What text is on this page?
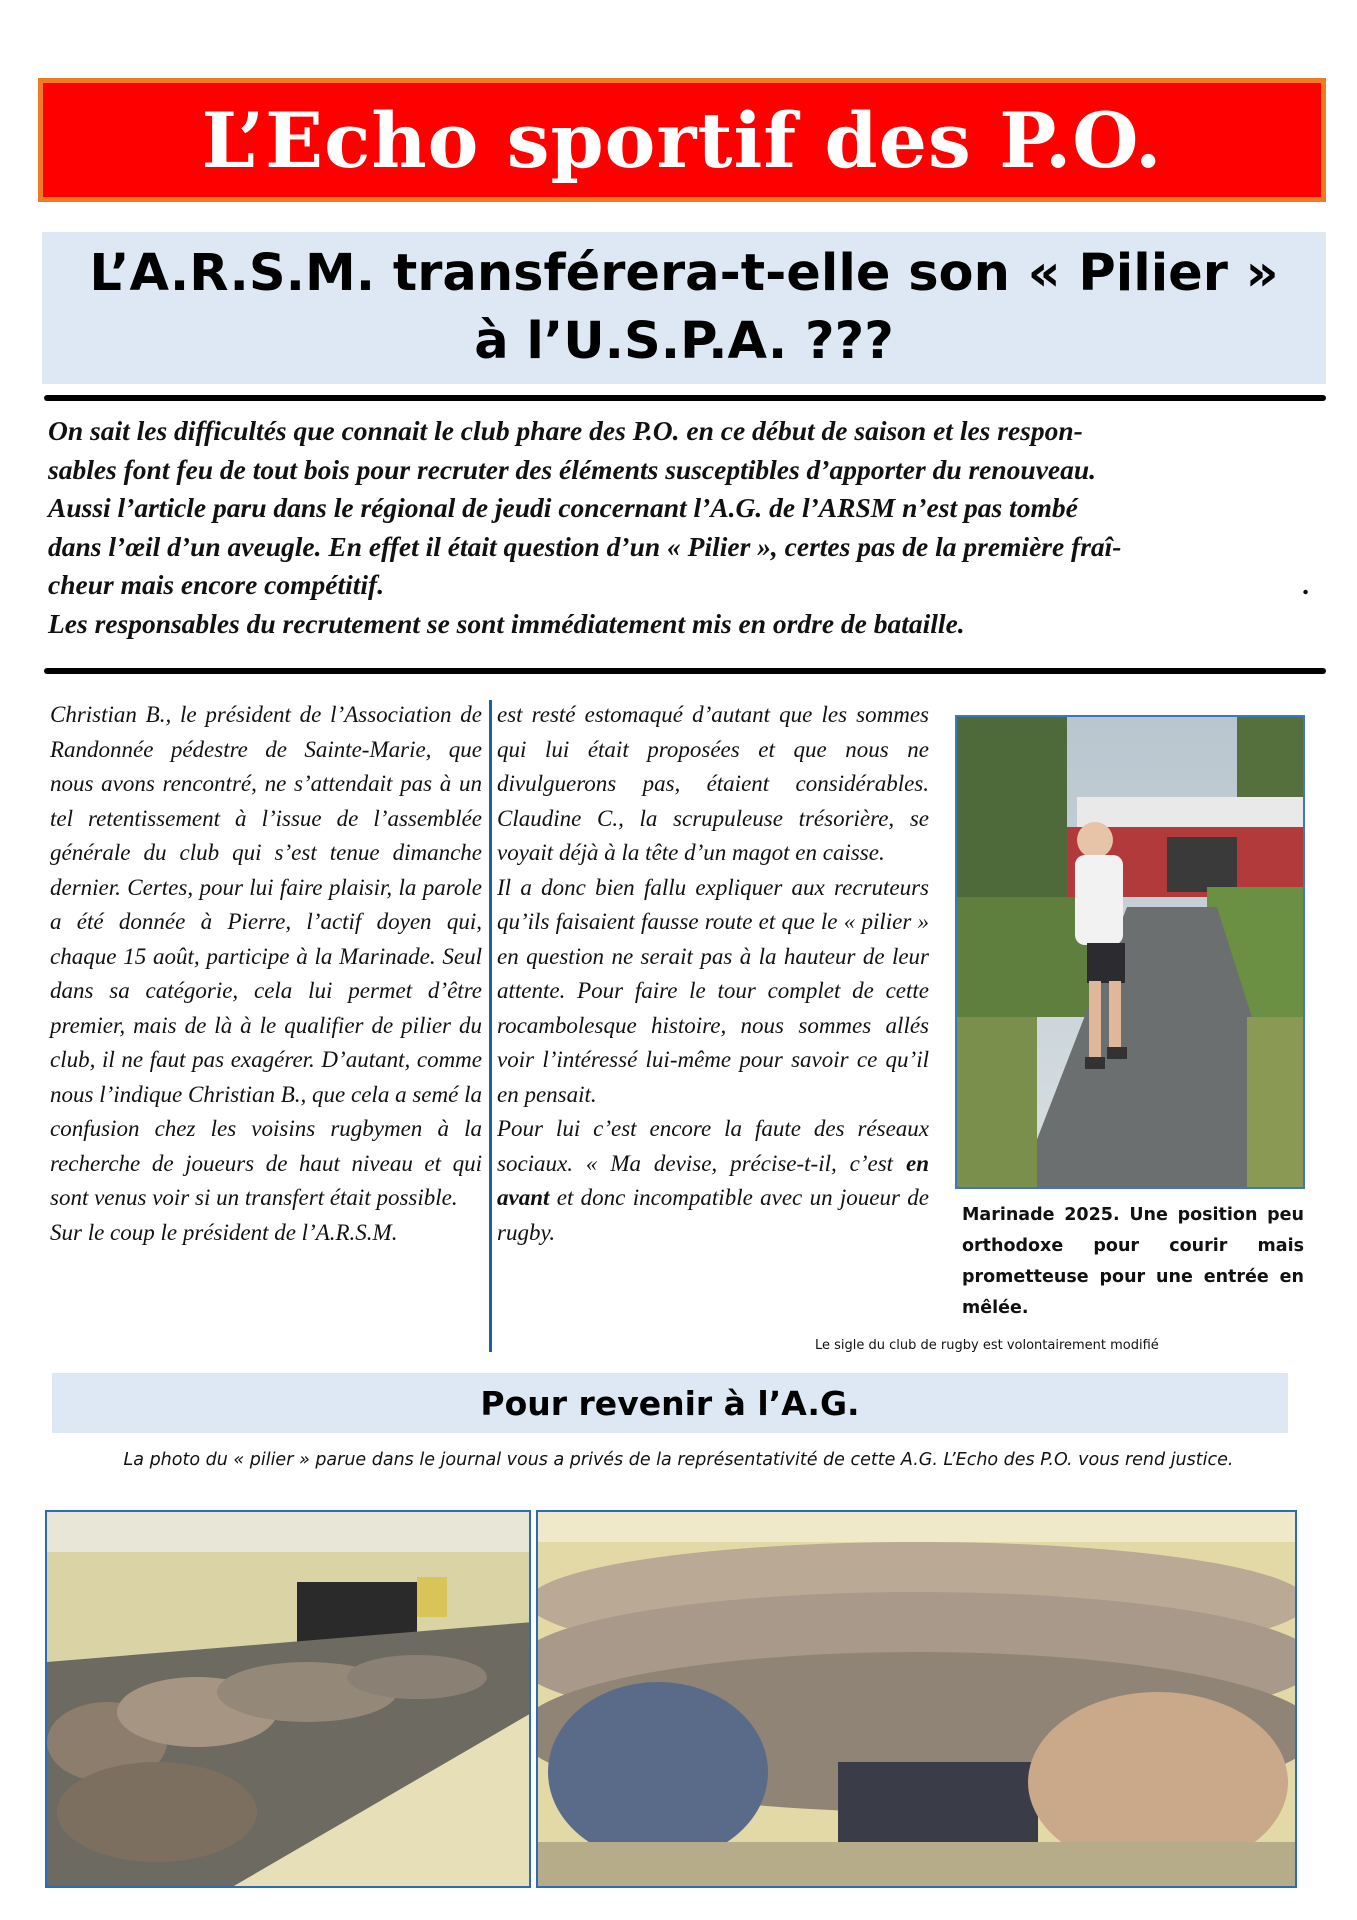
L’Echo sportif des P.O.
L’A.R.S.M. transférera-t-elle son « Pilier »
à l’U.S.P.A. ???

On sait les difficultés que connait le club phare des P.O. en ce début de saison et les respon-

sables font feu de tout bois pour recruter des éléments susceptibles d’apporter du renouveau.

Aussi l’article paru dans le régional de jeudi concernant l’A.G. de l’ARSM n’est pas tombé

dans l’œil d’un aveugle. En effet il était question d’un « Pilier », certes pas de la première fraî-

cheur mais encore compétitif.	.

Les responsables du recrutement se sont immédiatement mis en ordre de bataille.

Christian B., le président de l’Association de Randonnée pédestre de Sainte-Marie, que nous avons rencontré, ne s’attendait pas à un tel retentissement à l’issue de l’assemblée générale du club qui s’est tenue dimanche dernier. Certes, pour lui faire plaisir, la parole a été donnée à Pierre, l’actif doyen qui, chaque 15 août, participe à la Marinade. Seul dans sa catégorie, cela lui permet d’être premier, mais de là à le qualifier de pilier du club, il ne faut pas exagérer. D’autant, comme nous l’indique Christian B., que cela a semé la confusion chez les voisins rugbymen à la recherche de joueurs de haut niveau et qui sont venus voir si un transfert était possible.

Sur le coup le président de l’A.R.S.M.

est resté estomaqué d’autant que les sommes qui lui était proposées et que nous ne divulguerons pas, étaient considérables. Claudine C., la scrupuleuse trésorière, se voyait déjà à la tête d’un magot en caisse.

Il a donc bien fallu expliquer aux recruteurs qu’ils faisaient fausse route et que le « pilier » en question ne serait pas à la hauteur de leur attente. Pour faire le tour complet de cette rocambolesque histoire, nous sommes allés voir l’intéressé lui-même pour savoir ce qu’il en pensait.

Pour lui c’est encore la faute des réseaux sociaux. « Ma devise, précise-t-il, c’est en avant et donc incompatible avec un joueur de rugby.

Marinade 2025. Une position peu orthodoxe pour courir mais prometteuse pour une entrée en mêlée.
Le sigle du club de rugby est volontairement modifié
Pour revenir à l’A.G.
La photo du « pilier » parue dans le journal vous a privés de la représentativité de cette A.G. L’Echo des P.O. vous rend justice.
